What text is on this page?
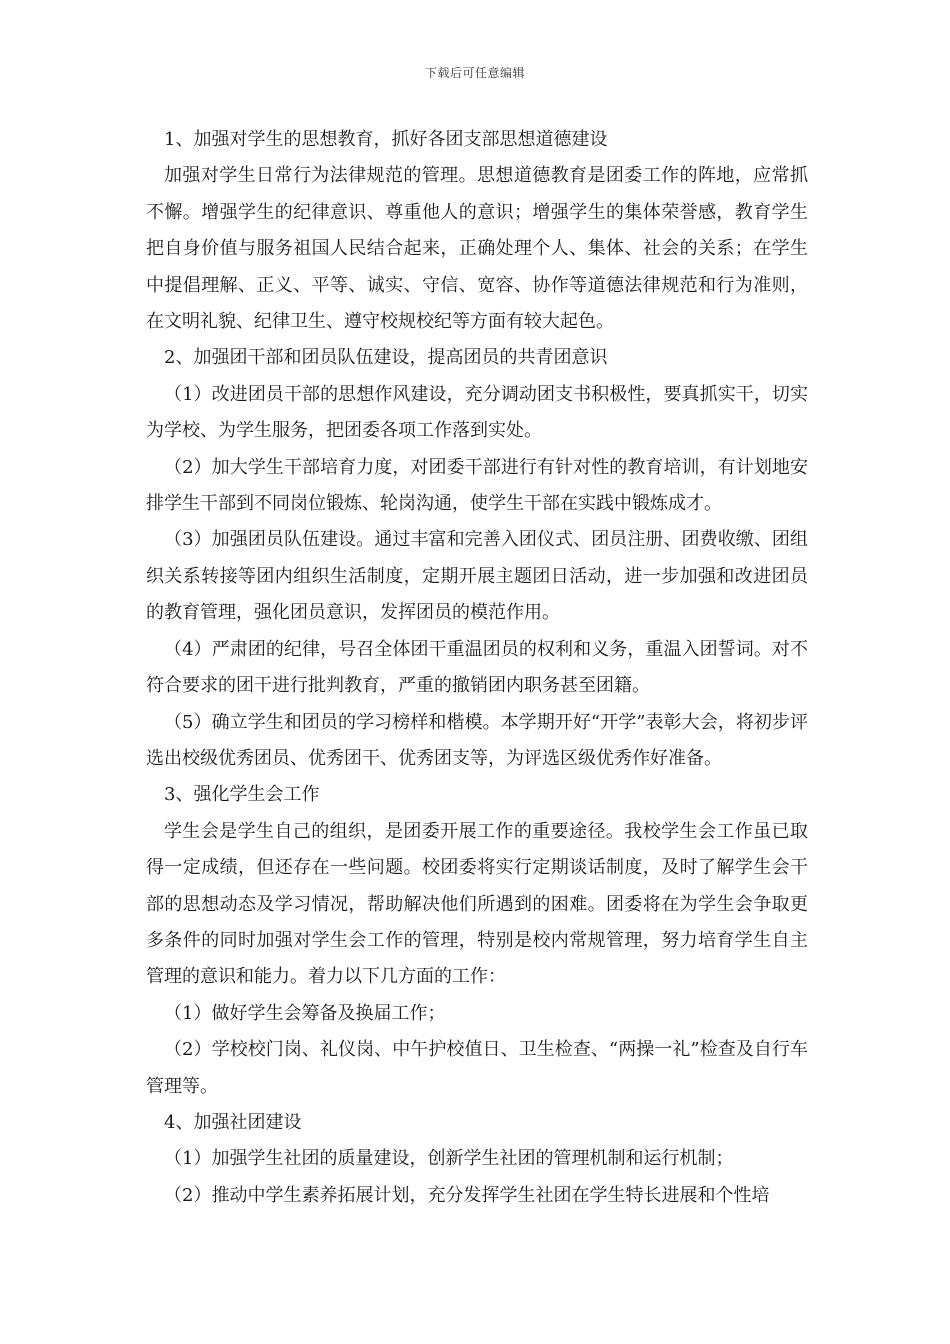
下载后可任意编辑

1、加强对学生的思想教育，抓好各团支部思想道德建设

加强对学生日常行为法律规范的管理。思想道德教育是团委工作的阵地，应常抓不懈。增强学生的纪律意识、尊重他人的意识；增强学生的集体荣誉感，教育学生把自身价值与服务祖国人民结合起来，正确处理个人、集体、社会的关系；在学生中提倡理解、正义、平等、诚实、守信、宽容、协作等道德法律规范和行为准则，在文明礼貌、纪律卫生、遵守校规校纪等方面有较大起色。

2、加强团干部和团员队伍建设，提高团员的共青团意识

（1）改进团员干部的思想作风建设，充分调动团支书积极性，要真抓实干，切实为学校、为学生服务，把团委各项工作落到实处。

（2）加大学生干部培育力度，对团委干部进行有针对性的教育培训，有计划地安排学生干部到不同岗位锻炼、轮岗沟通，使学生干部在实践中锻炼成才。

（3）加强团员队伍建设。通过丰富和完善入团仪式、团员注册、团费收缴、团组织关系转接等团内组织生活制度，定期开展主题团日活动，进一步加强和改进团员的教育管理，强化团员意识，发挥团员的模范作用。

（4）严肃团的纪律，号召全体团干重温团员的权利和义务，重温入团誓词。对不符合要求的团干进行批判教育，严重的撤销团内职务甚至团籍。

（5）确立学生和团员的学习榜样和楷模。本学期开好“开学”表彰大会，将初步评选出校级优秀团员、优秀团干、优秀团支等，为评选区级优秀作好准备。

3、强化学生会工作

学生会是学生自己的组织，是团委开展工作的重要途径。我校学生会工作虽已取得一定成绩，但还存在一些问题。校团委将实行定期谈话制度，及时了解学生会干部的思想动态及学习情况，帮助解决他们所遇到的困难。团委将在为学生会争取更多条件的同时加强对学生会工作的管理，特别是校内常规管理，努力培育学生自主管理的意识和能力。着力以下几方面的工作：

（1）做好学生会筹备及换届工作；

（2）学校校门岗、礼仪岗、中午护校值日、卫生检查、“两操一礼”检查及自行车管理等。

4、加强社团建设

（1）加强学生社团的质量建设，创新学生社团的管理机制和运行机制；

（2）推动中学生素养拓展计划，充分发挥学生社团在学生特长进展和个性培
